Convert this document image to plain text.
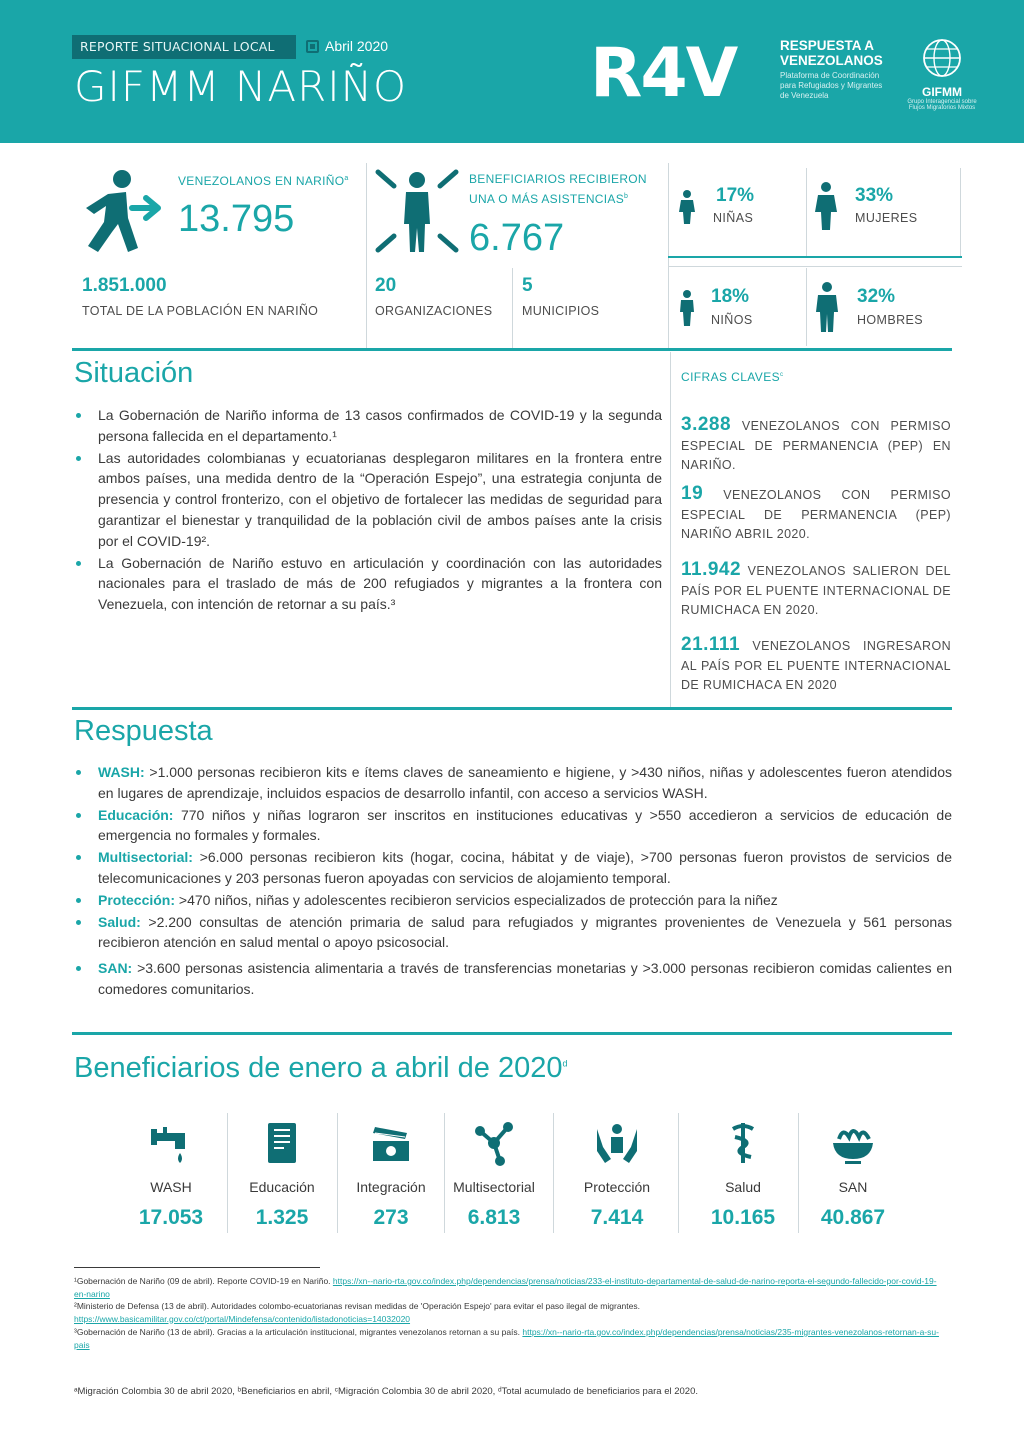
REPORTE SITUACIONAL LOCAL	Abril 2020
GIFMM NARIÑO	R4V	RESPUESTA A
VENEZOLANOS
Plataforma de Coordinación para Refugiados y Migrantes de Venezuela	GIFMM
Grupo Interagencial sobre Flujos Migratorios Mixtos
VENEZOLANOS EN NARIÑO$^a$
13.795
BENEFICIARIOS RECIBIERON
UNA O MÁS ASISTENCIAS$^b$
6.767
17%
NIÑAS
33%
MUJERES
18%
NIÑOS
32%
HOMBRES
1.851.000
TOTAL DE LA POBLACIÓN EN NARIÑO
20
ORGANIZACIONES
5
MUNICIPIOS
Situación
La Gobernación de Nariño informa de 13 casos confirmados de COVID-19 y la segunda persona fallecida en el departamento.¹
Las autoridades colombianas y ecuatorianas desplegaron militares en la frontera entre ambos países, una medida dentro de la “Operación Espejo”, una estrategia conjunta de presencia y control fronterizo, con el objetivo de fortalecer las medidas de seguridad para garantizar el bienestar y tranquilidad de la población civil de ambos países ante la crisis por el COVID-19².
La Gobernación de Nariño estuvo en articulación y coordinación con las autoridades nacionales para el traslado de más de 200 refugiados y migrantes a la frontera con Venezuela, con intención de retornar a su país.³
CIFRAS CLAVES$^c$
3.288 VENEZOLANOS CON PERMISO ESPECIAL DE PERMANENCIA (PEP) EN NARIÑO.
19 VENEZOLANOS CON PERMISO ESPECIAL DE PERMANENCIA (PEP) NARIÑO ABRIL 2020.
11.942 VENEZOLANOS SALIERON DEL PAÍS POR EL PUENTE INTERNACIONAL DE RUMICHACA EN 2020.
21.111 VENEZOLANOS INGRESARON AL PAÍS POR EL PUENTE INTERNACIONAL DE RUMICHACA EN 2020
Respuesta
WASH: >1.000 personas recibieron kits e ítems claves de saneamiento e higiene, y >430 niños, niñas y adolescentes fueron atendidos en lugares de aprendizaje, incluidos espacios de desarrollo infantil, con acceso a servicios WASH.
Educación: 770 niños y niñas lograron ser inscritos en instituciones educativas y >550 accedieron a servicios de educación de emergencia no formales y formales.
Multisectorial: >6.000 personas recibieron kits (hogar, cocina, hábitat y de viaje), >700 personas fueron provistos de servicios de telecomunicaciones y 203 personas fueron apoyadas con servicios de alojamiento temporal.
Protección: >470 niños, niñas y adolescentes recibieron servicios especializados de protección para la niñez
Salud: >2.200 consultas de atención primaria de salud para refugiados y migrantes provenientes de Venezuela y 561 personas recibieron atención en salud mental o apoyo psicosocial.
SAN: >3.600 personas asistencia alimentaria a través de transferencias monetarias y >3.000 personas recibieron comidas calientes en comedores comunitarios.
Beneficiarios de enero a abril de 2020$^d$
WASH
17.053
Educación
1.325
Integración
273
Multisectorial
6.813
Protección
7.414
Salud
10.165
SAN
40.867
¹Gobernación de Nariño (09 de abril). Reporte COVID-19 en Nariño. https://xn--nario-rta.gov.co/index.php/dependencias/prensa/noticias/233-el-instituto-departamental-de-salud-de-narino-reporta-el-segundo-fallecido-por-covid-19-en-narino
²Ministerio de Defensa (13 de abril). Autoridades colombo-ecuatorianas revisan medidas de 'Operación Espejo' para evitar el paso ilegal de migrantes.
https://www.basicamilitar.gov.co/ct/portal/Mindefensa/contenido/listadonoticias=14032020
³Gobernación de Nariño (13 de abril). Gracias a la articulación institucional, migrantes venezolanos retornan a su país. https://xn--nario-rta.gov.co/index.php/dependencias/prensa/noticias/235-migrantes-venezolanos-retornan-a-su-pais
ᵃMigración Colombia 30 de abril 2020, ᵇBeneficiarios en abril, ᶜMigración Colombia 30 de abril 2020, ᵈTotal acumulado de beneficiarios para el 2020.
